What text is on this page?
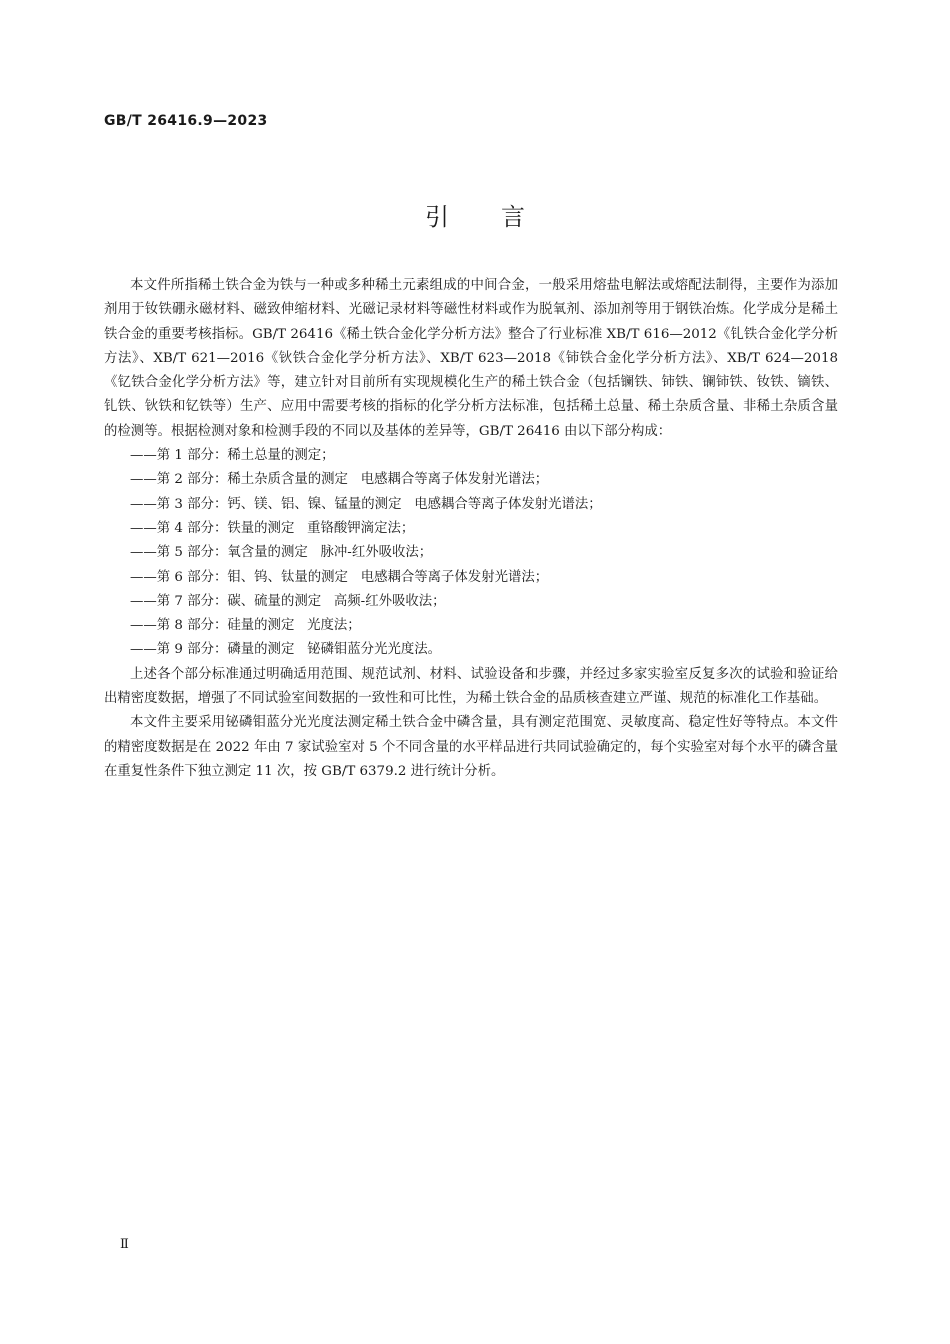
GB/T 26416.9—2023
引言

本文件所指稀土铁合金为铁与一种或多种稀土元素组成的中间合金，一般采用熔盐电解法或熔配法制得，主要作为添加剂用于钕铁硼永磁材料、磁致伸缩材料、光磁记录材料等磁性材料或作为脱氧剂、添加剂等用于钢铁冶炼。化学成分是稀土铁合金的重要考核指标。GB/T 26416《稀土铁合金化学分析方法》整合了行业标准 XB/T 616—2012《钆铁合金化学分析方法》、XB/T 621—2016《钬铁合金化学分析方法》、XB/T 623—2018《铈铁合金化学分析方法》、XB/T 624—2018《钇铁合金化学分析方法》等，建立针对目前所有实现规模化生产的稀土铁合金（包括镧铁、铈铁、镧铈铁、钕铁、镝铁、钆铁、钬铁和钇铁等）生产、应用中需要考核的指标的化学分析方法标准，包括稀土总量、稀土杂质含量、非稀土杂质含量的检测等。根据检测对象和检测手段的不同以及基体的差异等，GB/T 26416 由以下部分构成：

——第 1 部分：稀土总量的测定；
——第 2 部分：稀土杂质含量的测定 电感耦合等离子体发射光谱法；
——第 3 部分：钙、镁、铝、镍、锰量的测定 电感耦合等离子体发射光谱法；
——第 4 部分：铁量的测定 重铬酸钾滴定法；
——第 5 部分：氧含量的测定 脉冲-红外吸收法；
——第 6 部分：钼、钨、钛量的测定 电感耦合等离子体发射光谱法；
——第 7 部分：碳、硫量的测定 高频-红外吸收法；
——第 8 部分：硅量的测定 光度法；
——第 9 部分：磷量的测定 铋磷钼蓝分光光度法。

上述各个部分标准通过明确适用范围、规范试剂、材料、试验设备和步骤，并经过多家实验室反复多次的试验和验证给出精密度数据，增强了不同试验室间数据的一致性和可比性，为稀土铁合金的品质核查建立严谨、规范的标准化工作基础。

本文件主要采用铋磷钼蓝分光光度法测定稀土铁合金中磷含量，具有测定范围宽、灵敏度高、稳定性好等特点。本文件的精密度数据是在 2022 年由 7 家试验室对 5 个不同含量的水平样品进行共同试验确定的，每个实验室对每个水平的磷含量在重复性条件下独立测定 11 次，按 GB/T 6379.2 进行统计分析。

Ⅱ
